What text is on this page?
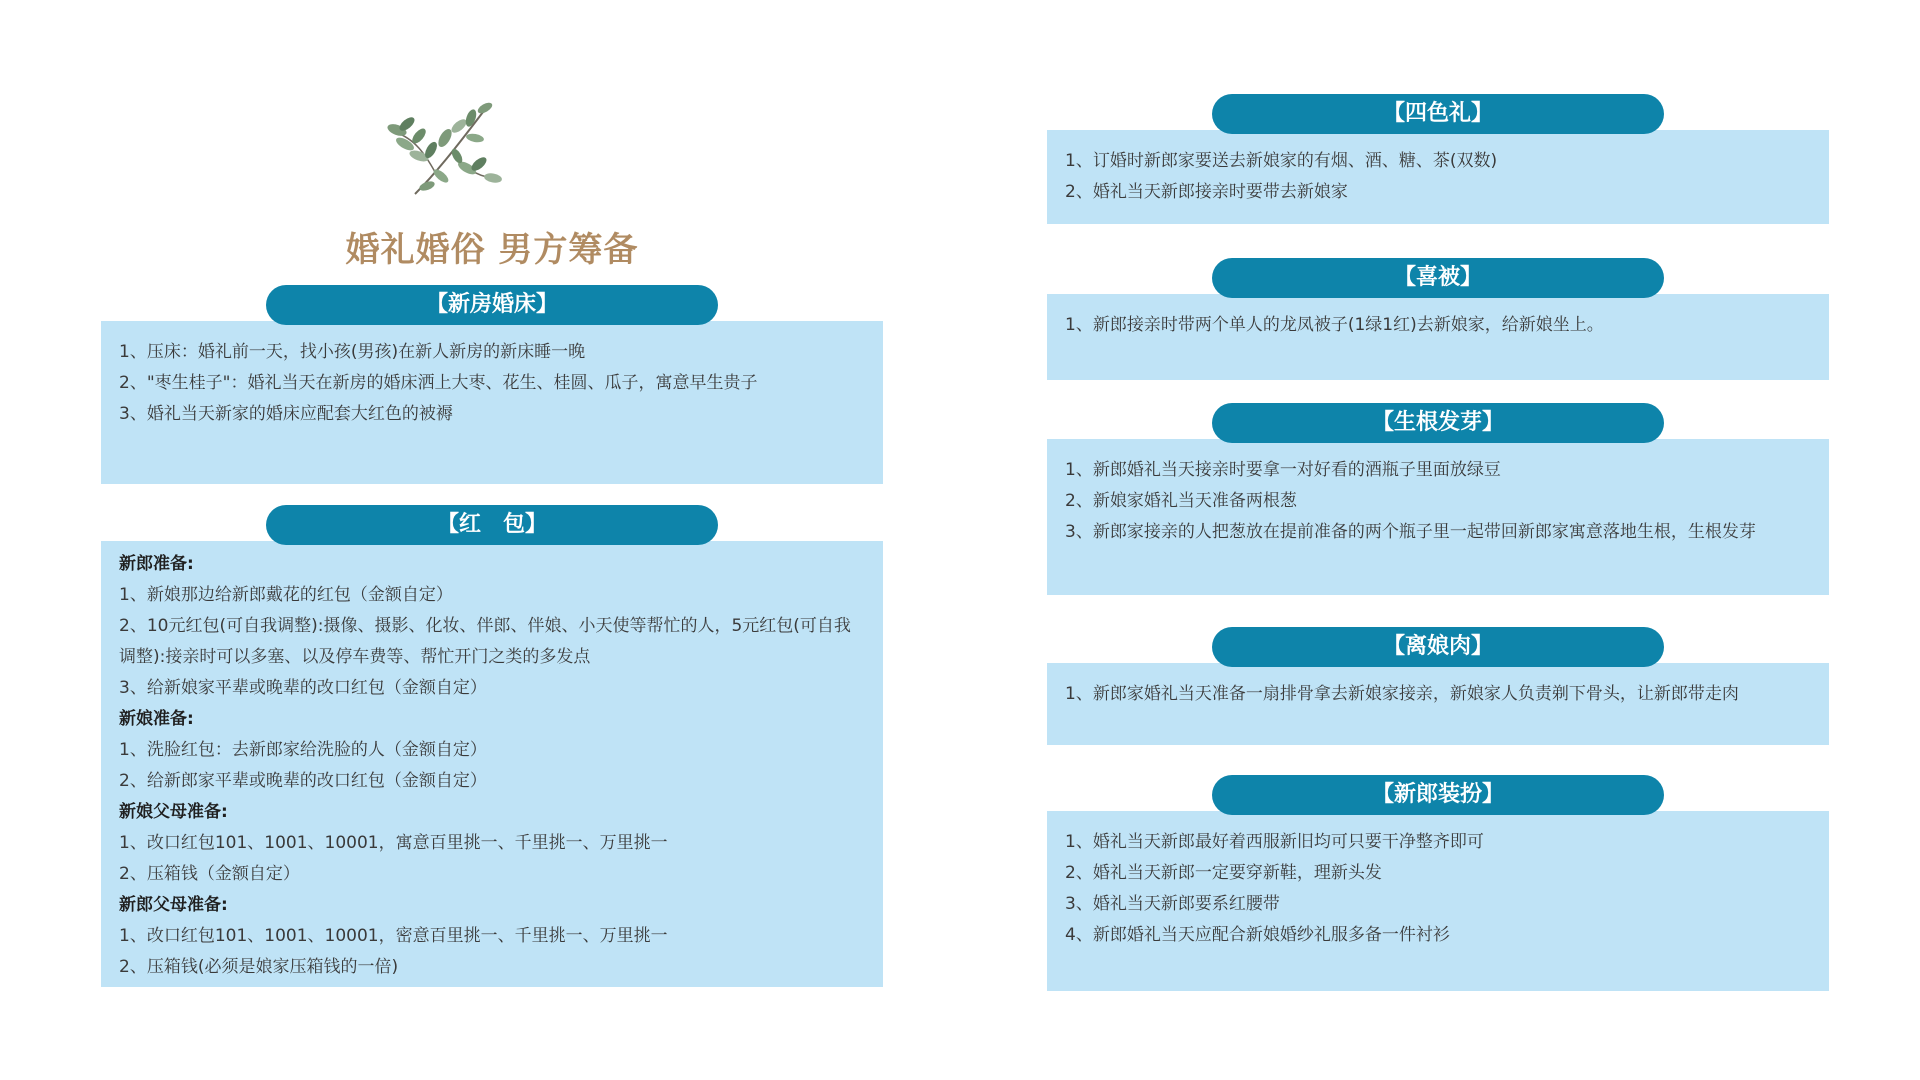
婚礼婚俗 男方筹备
【新房婚床】
1、压床：婚礼前一天，找小孩(男孩)在新人新房的新床睡一晚
2、"枣生桂子"：婚礼当天在新房的婚床洒上大枣、花生、桂圆、瓜子，寓意早生贵子
3、婚礼当天新家的婚床应配套大红色的被褥
【红　包】
新郎准备:
1、新娘那边给新郎戴花的红包（金额自定）
2、10元红包(可自我调整):摄像、摄影、化妆、伴郎、伴娘、小天使等帮忙的人，5元红包(可自我调整):接亲时可以多塞、以及停车费等、帮忙开门之类的多发点
3、给新娘家平辈或晚辈的改口红包（金额自定）
新娘准备:
1、洗脸红包：去新郎家给洗脸的人（金额自定）
2、给新郎家平辈或晚辈的改口红包（金额自定）
新娘父母准备:
1、改口红包101、1001、10001，寓意百里挑一、千里挑一、万里挑一
2、压箱钱（金额自定）
新郎父母准备:
1、改口红包101、1001、10001，密意百里挑一、千里挑一、万里挑一
2、压箱钱(必须是娘家压箱钱的一倍)
【四色礼】
1、订婚时新郎家要送去新娘家的有烟、酒、糖、茶(双数)
2、婚礼当天新郎接亲时要带去新娘家
【喜被】
1、新郎接亲时带两个单人的龙凤被子(1绿1红)去新娘家，给新娘坐上。
【生根发芽】
1、新郎婚礼当天接亲时要拿一对好看的酒瓶子里面放绿豆
2、新娘家婚礼当天准备两根葱
3、新郎家接亲的人把葱放在提前准备的两个瓶子里一起带回新郎家寓意落地生根，生根发芽
【离娘肉】
1、新郎家婚礼当天准备一扇排骨拿去新娘家接亲，新娘家人负责剃下骨头，让新郎带走肉
【新郎装扮】
1、婚礼当天新郎最好着西服新旧均可只要干净整齐即可
2、婚礼当天新郎一定要穿新鞋，理新头发
3、婚礼当天新郎要系红腰带
4、新郎婚礼当天应配合新娘婚纱礼服多备一件衬衫
